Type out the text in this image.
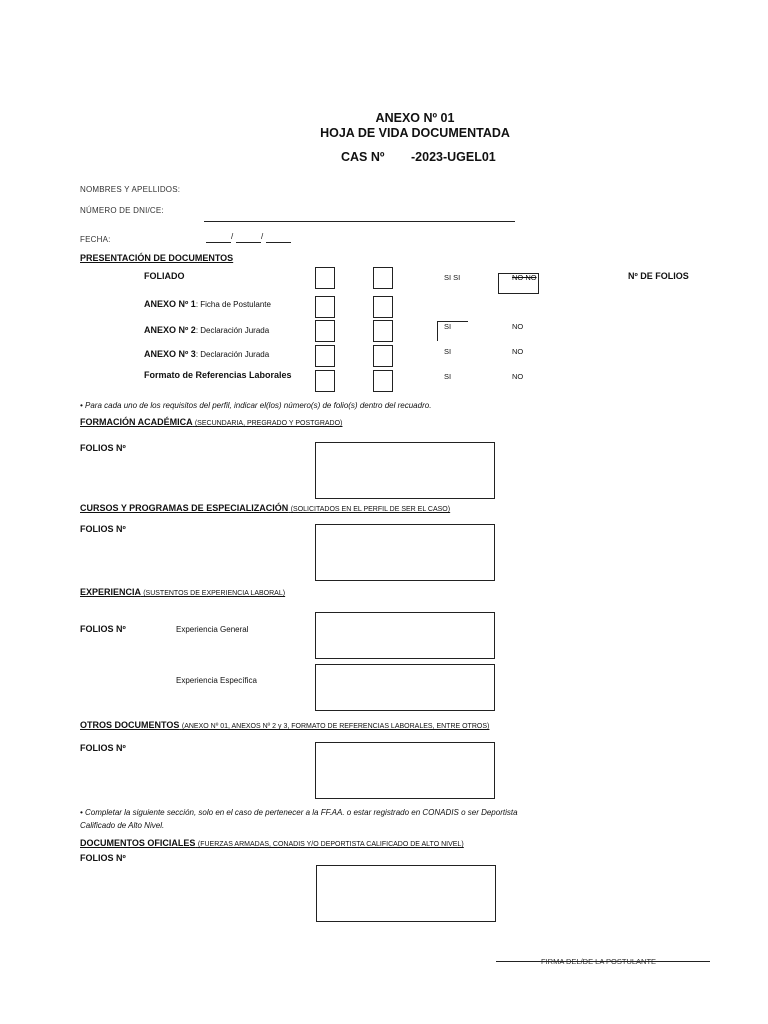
ANEXO Nº 01
HOJA DE VIDA DOCUMENTADA
CAS Nº -2023-UGEL01
NOMBRES Y APELLIDOS:
NÚMERO DE DNI/CE:
FECHA:	/	/
PRESENTACIÓN DE DOCUMENTOS
Nº DE FOLIOS
FOLIADO	SI SI	NO NO
ANEXO Nº 1: Ficha de Postulante
ANEXO Nº 2: Declaración Jurada	SI	NO
ANEXO Nº 3: Declaración Jurada	SI	NO
Formato de Referencias Laborales	SI	NO
• Para cada uno de los requisitos del perfil, indicar el(los) número(s) de folio(s) dentro del recuadro.
FORMACIÓN ACADÉMICA (SECUNDARIA, PREGRADO Y POSTGRADO)
FOLIOS Nº
CURSOS Y PROGRAMAS DE ESPECIALIZACIÓN (SOLICITADOS EN EL PERFIL DE SER EL CASO)
FOLIOS Nº
EXPERIENCIA (SUSTENTOS DE EXPERIENCIA LABORAL)
FOLIOS Nº	Experiencia General
Experiencia Específica
OTROS DOCUMENTOS (ANEXO Nº 01, ANEXOS Nº 2 y 3, FORMATO DE REFERENCIAS LABORALES, ENTRE OTROS)
FOLIOS Nº
• Completar la siguiente sección, solo en el caso de pertenecer a la FF.AA. o estar registrado en CONADIS o ser Deportista
Calificado de Alto Nivel.
DOCUMENTOS OFICIALES (FUERZAS ARMADAS, CONADIS Y/O DEPORTISTA CALIFICADO DE ALTO NIVEL)
FOLIOS Nº
FIRMA DEL/DE LA POSTULANTE
